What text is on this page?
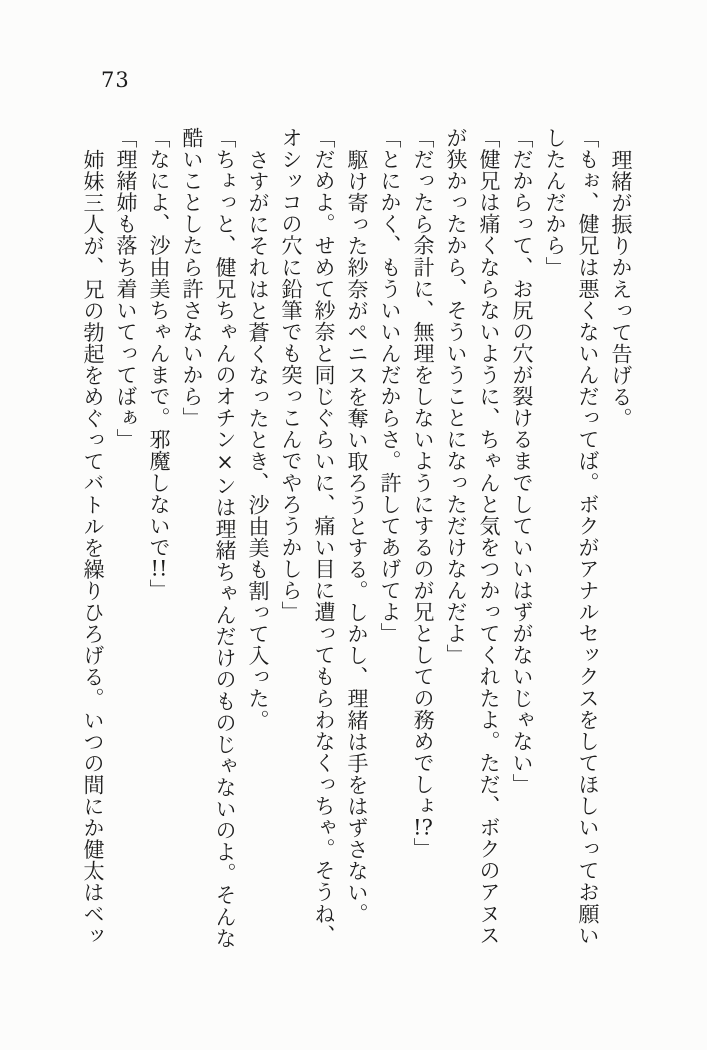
73

理緒が振りかえって告げる。

「もぉ、健兄は悪くないんだってば。ボクがアナルセックスをしてほしいってお願い

したんだから」

「だからって、お尻の穴が裂けるまでしていいはずがないじゃない」

「健兄は痛くならないように、ちゃんと気をつかってくれたよ。ただ、ボクのアヌス

が狭かったから、そういうことになっただけなんだよ」

「だったら余計に、無理をしないようにするのが兄としての務めでしょ!?」

「とにかく、もういいんだからさ。許してあげてよ」

駆け寄った紗奈がペニスを奪い取ろうとする。しかし、理緒は手をはずさない。

「だめよ。せめて紗奈と同じぐらいに、痛い目に遭ってもらわなくっちゃ。そうね、

オシッコの穴に鉛筆でも突っこんでやろうかしら」

さすがにそれはと蒼くなったとき、沙由美も割って入った。

「ちょっと、健兄ちゃんのオチン×ンは理緒ちゃんだけのものじゃないのよ。そんな

酷いことしたら許さないから」

「なによ、沙由美ちゃんまで。邪魔しないで!!」

「理緒姉も落ち着いてってばぁ」

姉妹三人が、兄の勃起をめぐってバトルを繰りひろげる。いつの間にか健太はベッ
